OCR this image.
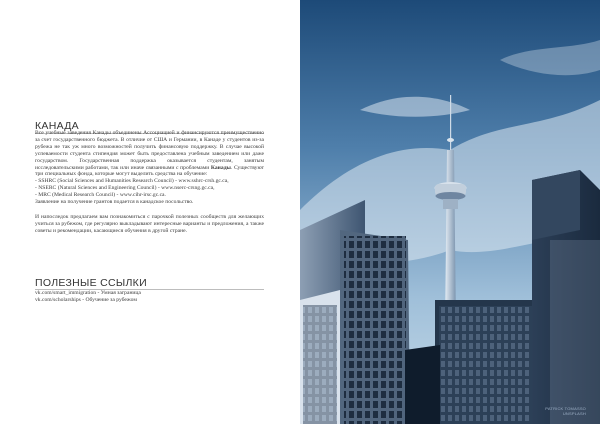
КАНАДА

Все учебные заведения Канады объединены Ассоциацией и финансируются преимущественно за счет государственного бюджета. В отличие от США и Германии, в Канаде у студентов из-за рубежа не так уж много возможностей получить финансовую поддержку. В случае высокой успеваемости студента стипендия может быть предоставлена учебным заведением или даже государством. Государственная поддержка оказывается студентам, занятым исследовательскими работами, так или иначе связанными с проблемами Канады. Существуют три специальных фонда, которые могут выделить средства на обучение:

- SSHRC (Social Sciences and Humanities Research Council) - www.sshrc-crsh.gc.ca,

- NSERC (Natural Sciences and Engineering Council) - www.nserc-crsng.gc.ca,

- MRC (Medical Research Council) - www.cihr-irsc.gc.ca.

Заявление на получение грантов подается в канадское посольство.

И напоследок предлагаем вам познакомиться с парочкой полезных сообществ для желающих учиться за рубежом, где регулярно выкладывают интересные варианты и предложения, а также советы и рекомендации, касающиеся обучения в другой стране.

ПОЛЕЗНЫЕ ССЫЛКИ
vk.com/smart_immigration - Умная заграница
vk.com/scholarships - Обучение за рубежом
PATRICK TOMASSO
UNSPLASH
